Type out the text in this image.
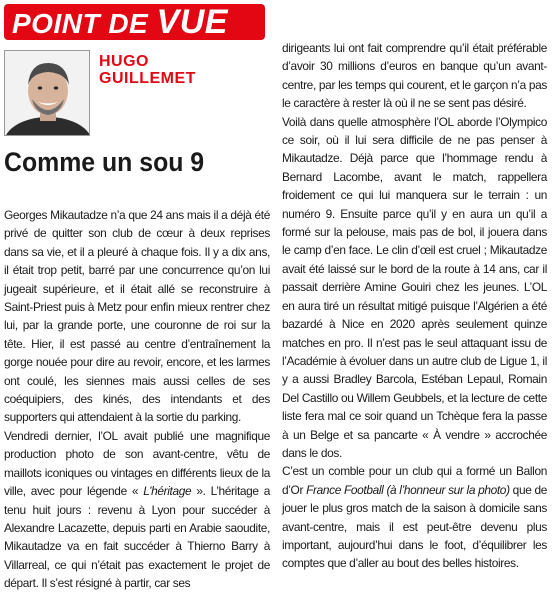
POINT DE VUE
HUGO
GUILLEMET
Comme un sou 9

Georges Mikautadze n’a que 24 ans mais il a déjà été privé de quitter son club de cœur à deux reprises dans sa vie, et il a pleuré à chaque fois. Il y a dix ans, il était trop petit, barré par une concurrence qu’on lui jugeait supérieure, et il était allé se reconstruire à Saint-Priest puis à Metz pour enfin mieux rentrer chez lui, par la grande porte, une couronne de roi sur la tête. Hier, il est passé au centre d’entraînement la gorge nouée pour dire au revoir, encore, et les larmes ont coulé, les siennes mais aussi celles de ses coéquipiers, des kinés, des intendants et des supporters qui attendaient à la sortie du parking.

Vendredi dernier, l’OL avait publié une magnifique production photo de son avant-centre, vêtu de maillots iconiques ou vintages en différents lieux de la ville, avec pour légende « L’héritage ». L’héritage a tenu huit jours : revenu à Lyon pour succéder à Alexandre Lacazette, depuis parti en Arabie saoudite, Mikautadze va en fait succéder à Thierno Barry à Villarreal, ce qui n’était pas exactement le projet de départ. Il s’est résigné à partir, car ses

dirigeants lui ont fait comprendre qu’il était préférable d’avoir 30 millions d’euros en banque qu’un avant-centre, par les temps qui courent, et le garçon n’a pas le caractère à rester là où il ne se sent pas désiré.

Voilà dans quelle atmosphère l’OL aborde l’Olympico ce soir, où il lui sera difficile de ne pas penser à Mikautadze. Déjà parce que l’hommage rendu à Bernard Lacombe, avant le match, rappellera froidement ce qui lui manquera sur le terrain : un numéro 9. Ensuite parce qu’il y en aura un qu’il a formé sur la pelouse, mais pas de bol, il jouera dans le camp d’en face. Le clin d’œil est cruel ; Mikautadze avait été laissé sur le bord de la route à 14 ans, car il passait derrière Amine Gouiri chez les jeunes. L’OL en aura tiré un résultat mitigé puisque l’Algérien a été bazardé à Nice en 2020 après seulement quinze matches en pro. Il n’est pas le seul attaquant issu de l’Académie à évoluer dans un autre club de Ligue 1, il y a aussi Bradley Barcola, Estéban Lepaul, Romain Del Castillo ou Willem Geubbels, et la lecture de cette liste fera mal ce soir quand un Tchèque fera la passe à un Belge et sa pancarte « À vendre » accrochée dans le dos.

C’est un comble pour un club qui a formé un Ballon d’Or France Football (à l’honneur sur la photo) que de jouer le plus gros match de la saison à domicile sans avant-centre, mais il est peut-être devenu plus important, aujourd’hui dans le foot, d’équilibrer les comptes que d’aller au bout des belles histoires.
